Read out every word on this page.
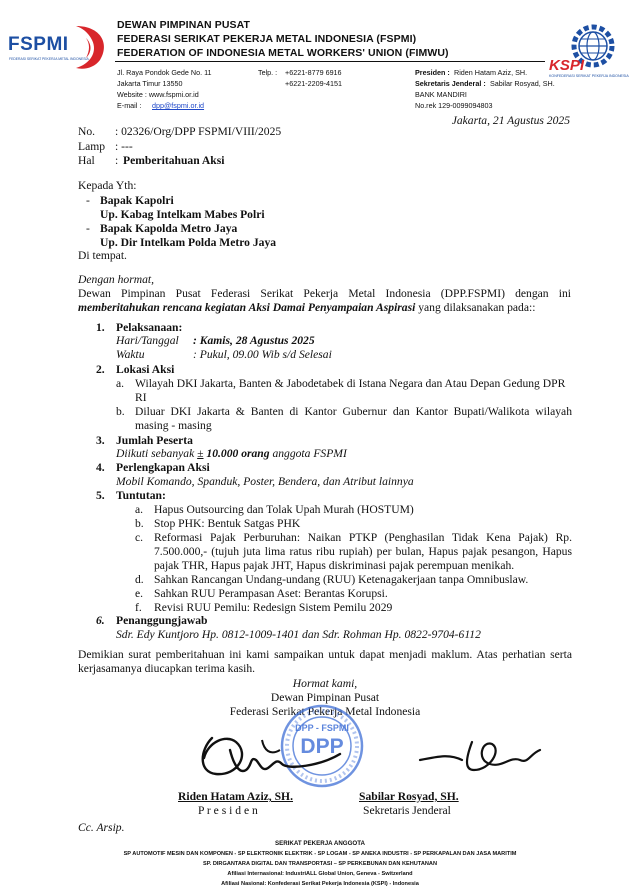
FSPMI
FEDERASI SERIKAT PEKERJA METAL INDONESIA
DEWAN PIMPINAN PUSAT
FEDERASI SERIKAT PEKERJA METAL INDONESIA (FSPMI)
FEDERATION OF INDONESIA METAL WORKERS' UNION (FIMWU)
KSPI
KONFEDERASI SERIKAT PEKERJA INDONESIA
Jl. Raya Pondok Gede No. 11
Jakarta Timur 13550
Website : www.fspmi.or.id
E-mail : dpp@fspmi.or.id
Telp. : +6221-8779 6916
+6221-2209-4151
Presiden : Riden Hatam Aziz, SH.
Sekretaris Jenderal : Sabilar Rosyad, SH.
BANK MANDIRI
No.rek 129-0099094803
Jakarta, 21 Agustus 2025
No. : 02326/Org/DPP FSPMI/VIII/2025
Lamp : ---
Hal : Pemberitahuan Aksi
Kepada Yth:
- Bapak Kapolri
Up. Kabag Intelkam Mabes Polri
- Bapak Kapolda Metro Jaya
Up. Dir Intelkam Polda Metro Jaya
Di tempat.
Dengan hormat,
Dewan Pimpinan Pusat Federasi Serikat Pekerja Metal Indonesia (DPP.FSPMI) dengan ini
memberitahukan rencana kegiatan Aksi Damai Penyampaian Aspirasi yang dilaksanakan pada::
1. Pelaksanaan:
Hari/Tanggal : Kamis, 28 Agustus 2025
Waktu	: Pukul, 09.00 Wib s/d Selesai
2. Lokasi Aksi
a. Wilayah DKI Jakarta, Banten & Jabodetabek di Istana Negara dan Atau Depan Gedung DPR
RI
b. Diluar DKI Jakarta & Banten di Kantor Gubernur dan Kantor Bupati/Walikota wilayah
masing - masing
3. Jumlah Peserta
Diikuti sebanyak ± 10.000 orang anggota FSPMI
4. Perlengkapan Aksi
Mobil Komando, Spanduk, Poster, Bendera, dan Atribut lainnya
5. Tuntutan:
a. Hapus Outsourcing dan Tolak Upah Murah (HOSTUM)
b. Stop PHK: Bentuk Satgas PHK
c. Reformasi Pajak Perburuhan: Naikan PTKP (Penghasilan Tidak Kena Pajak) Rp.
7.500.000,- (tujuh juta lima ratus ribu rupiah) per bulan, Hapus pajak pesangon, Hapus
pajak THR, Hapus pajak JHT, Hapus diskriminasi pajak perempuan menikah.
d. Sahkan Rancangan Undang-undang (RUU) Ketenagakerjaan tanpa Omnibuslaw.
e. Sahkan RUU Perampasan Aset: Berantas Korupsi.
f. Revisi RUU Pemilu: Redesign Sistem Pemilu 2029
6. Penanggungjawab
Sdr. Edy Kuntjoro Hp. 0812-1009-1401 dan Sdr. Rohman Hp. 0822-9704-6112
Demikian surat pemberitahuan ini kami sampaikan untuk dapat menjadi maklum. Atas perhatian serta
kerjasamanya diucapkan terima kasih.
Hormat kami,
Dewan Pimpinan Pusat
Federasi Serikat Pekerja Metal Indonesia
DPP - FSPMI
DPP
Riden Hatam Aziz, SH.
P r e s i d e n
Sabilar Rosyad, SH.
Sekretaris Jenderal
Cc. Arsip.
SERIKAT PEKERJA ANGGOTA
SP AUTOMOTIF MESIN DAN KOMPONEN - SP ELEKTRONIK ELEKTRIK - SP LOGAM - SP ANEKA INDUSTRI - SP PERKAPALAN DAN JASA MARITIM
SP. DIRGANTARA DIGITAL DAN TRANSPORTASI – SP PERKEBUNAN DAN KEHUTANAN
Afiliasi Internasional: IndustriALL Global Union, Geneva - Switzerland
Afiliasi Nasional: Konfederasi Serikat Pekerja Indonesia (KSPI) - Indonesia
